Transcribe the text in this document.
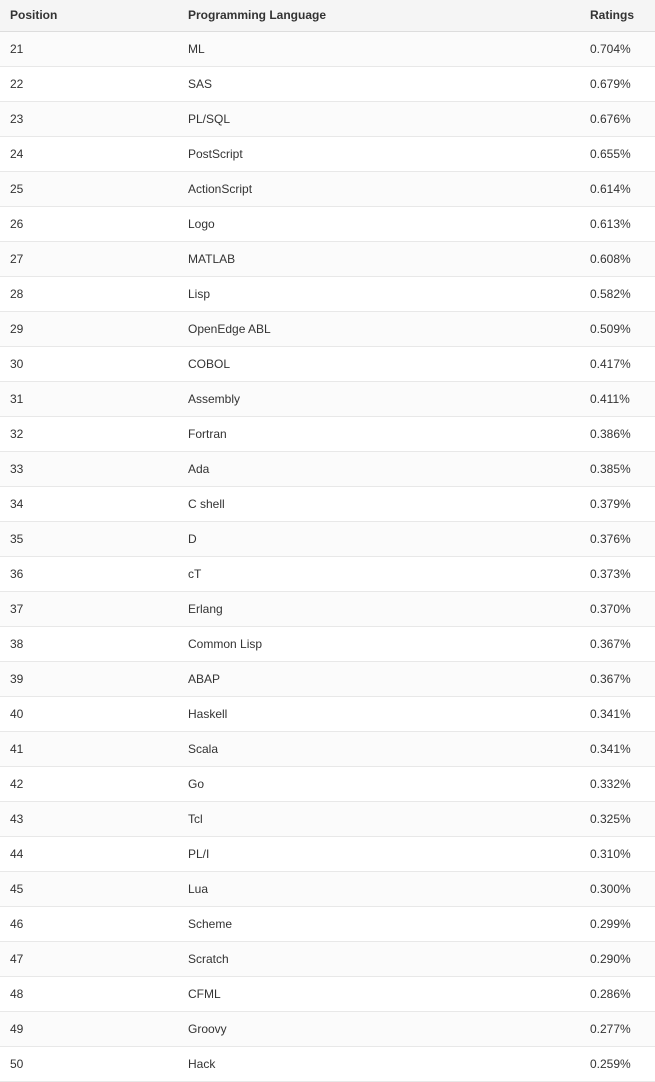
Position	Programming Language	Ratings
21	ML	0.704%
22	SAS	0.679%
23	PL/SQL	0.676%
24	PostScript	0.655%
25	ActionScript	0.614%
26	Logo	0.613%
27	MATLAB	0.608%
28	Lisp	0.582%
29	OpenEdge ABL	0.509%
30	COBOL	0.417%
31	Assembly	0.411%
32	Fortran	0.386%
33	Ada	0.385%
34	C shell	0.379%
35	D	0.376%
36	cT	0.373%
37	Erlang	0.370%
38	Common Lisp	0.367%
39	ABAP	0.367%
40	Haskell	0.341%
41	Scala	0.341%
42	Go	0.332%
43	Tcl	0.325%
44	PL/I	0.310%
45	Lua	0.300%
46	Scheme	0.299%
47	Scratch	0.290%
48	CFML	0.286%
49	Groovy	0.277%
50	Hack	0.259%
